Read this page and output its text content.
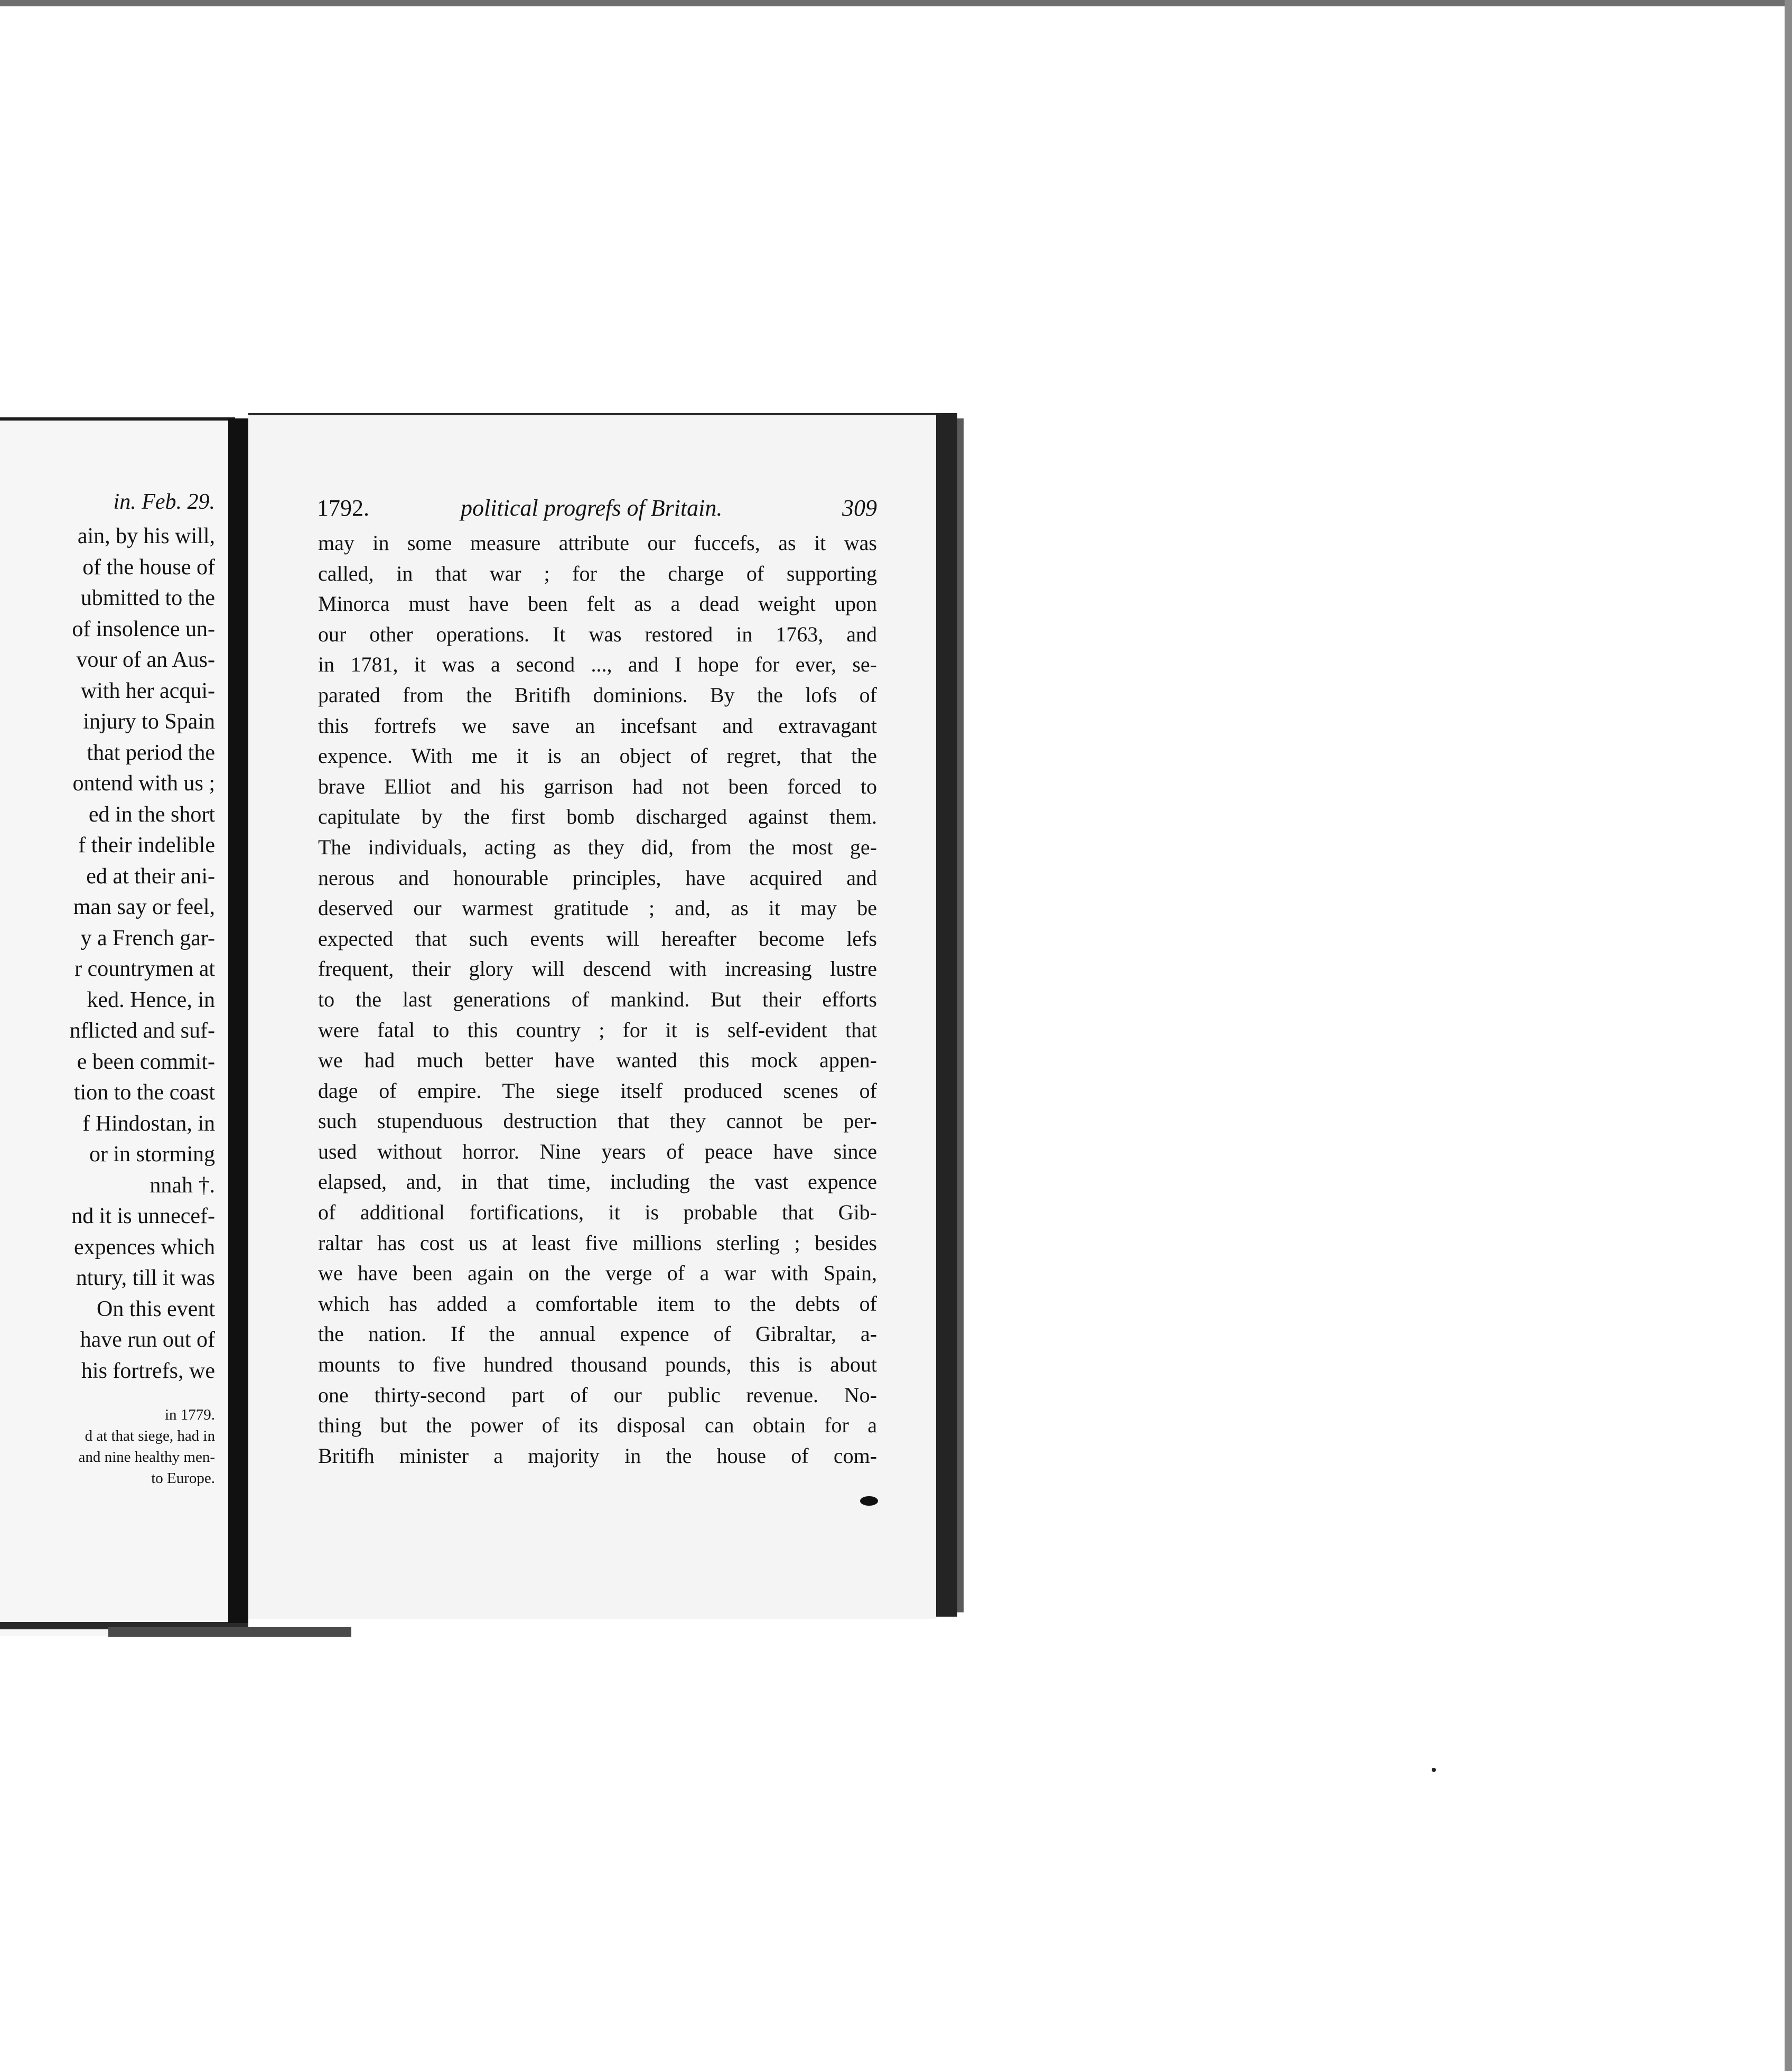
in. Feb. 29.
ain, by his will,
of the house of
ubmitted to the
of insolence un-
vour of an Aus-
with her acqui-
injury to Spain
that period the
ontend with us ;
ed in the short
f their indelible
ed at their ani-
man say or feel,
y a French gar-
r countrymen at
ked. Hence, in
nflicted and suf-
e been commit-
tion to the coast
f Hindostan, in
or in storming
nnah †.
nd it is unnecef-
expences which
ntury, till it was
On this event
have run out of
his fortrefs, we
in 1779.
d at that siege, had in
and nine healthy men-
to Europe.
1792.	political progrefs of Britain.	309
may in some measure attribute our fuccefs, as it was
called, in that war ; for the charge of supporting
Minorca must have been felt as a dead weight upon
our other operations. It was restored in 1763, and
in 1781, it was a second ..., and I hope for ever, se-
parated from the Britifh dominions. By the lofs of
this fortrefs we save an incefsant and extravagant
expence. With me it is an object of regret, that the
brave Elliot and his garrison had not been forced to
capitulate by the first bomb discharged against them.
The individuals, acting as they did, from the most ge-
nerous and honourable principles, have acquired and
deserved our warmest gratitude ; and, as it may be
expected that such events will hereafter become lefs
frequent, their glory will descend with increasing lustre
to the last generations of mankind. But their efforts
were fatal to this country ; for it is self-evident that
we had much better have wanted this mock appen-
dage of empire. The siege itself produced scenes of
such stupenduous destruction that they cannot be per-
used without horror. Nine years of peace have since
elapsed, and, in that time, including the vast expence
of additional fortifications, it is probable that Gib-
raltar has cost us at least five millions sterling ; besides
we have been again on the verge of a war with Spain,
which has added a comfortable item to the debts of
the nation. If the annual expence of Gibraltar, a-
mounts to five hundred thousand pounds, this is about
one thirty-second part of our public revenue. No-
thing but the power of its disposal can obtain for a
Britifh minister a majority in the house of com-
